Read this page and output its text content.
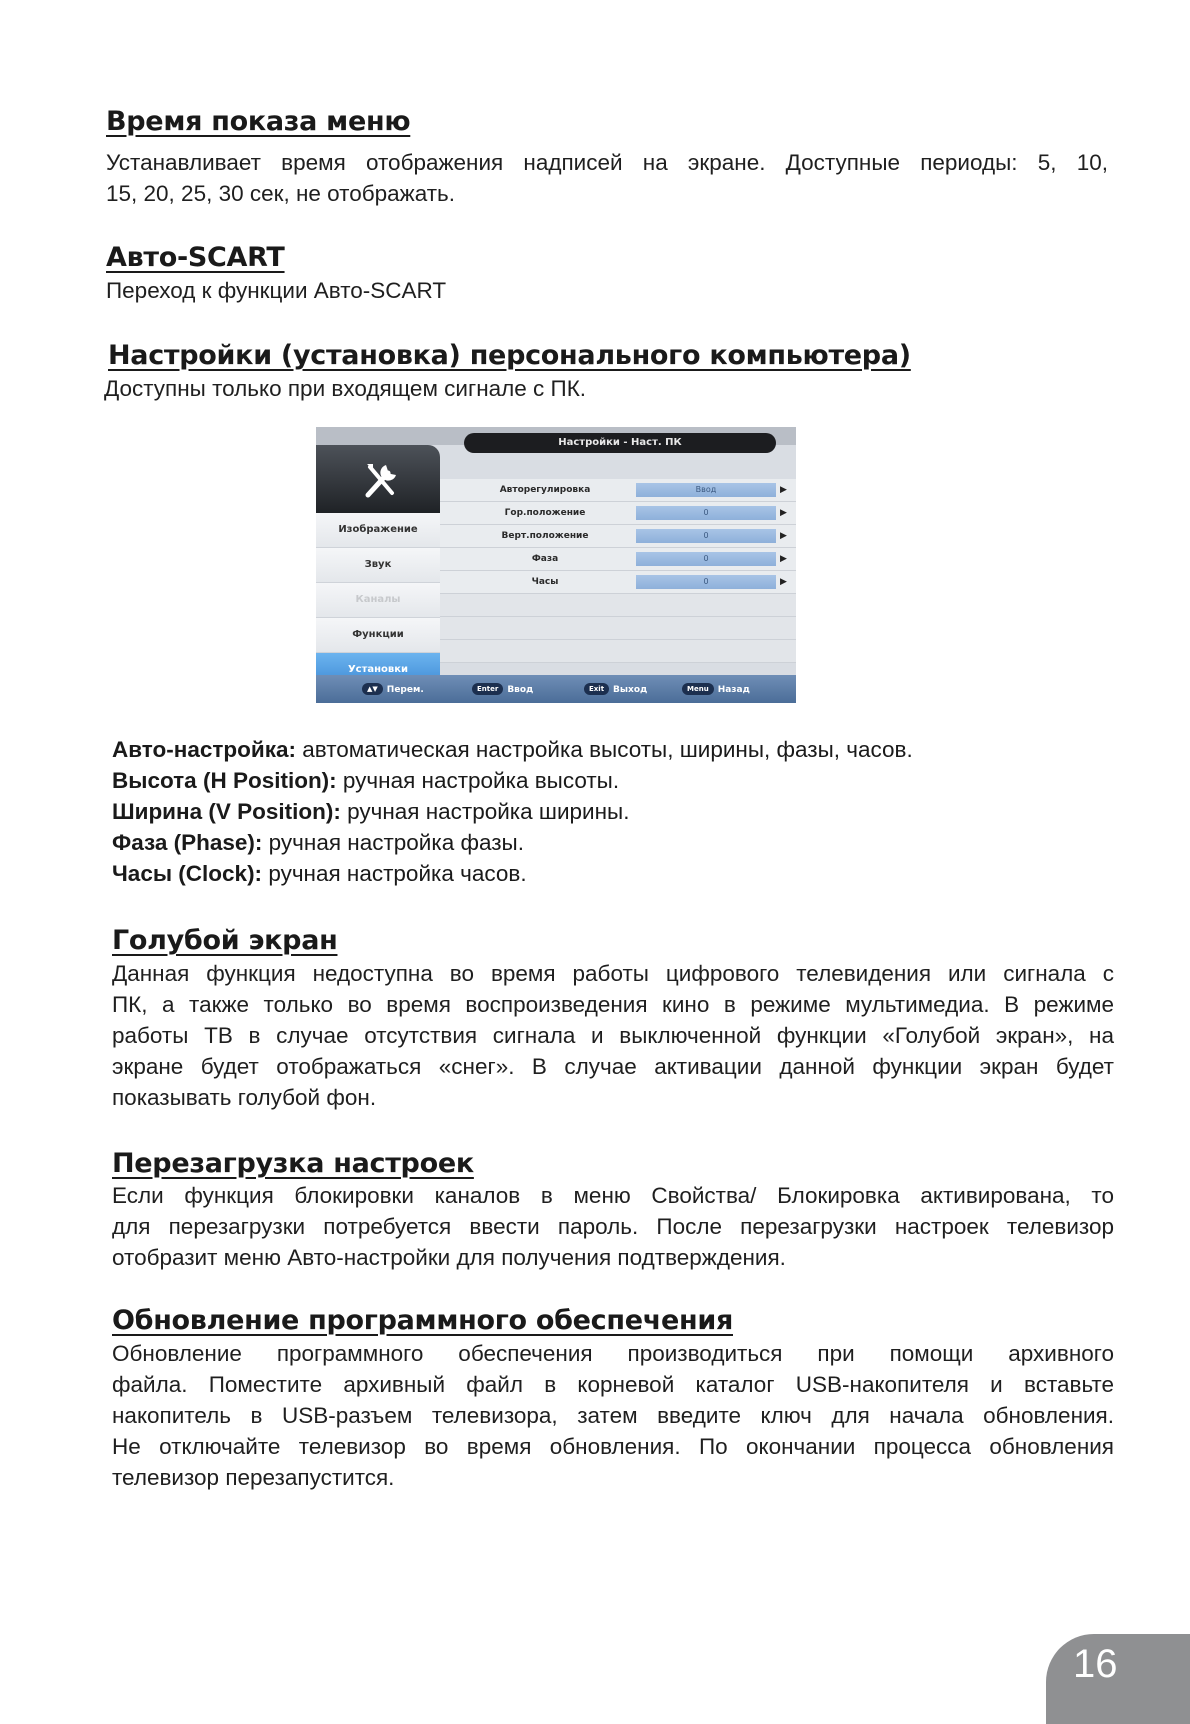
Время показа меню

Устанавливает время отображения надписей на экране. Доступные периоды: 5, 10,

15, 20, 25, 30 сек, не отображать.

Авто-SCART

Переход к функции Авто-SCART

Настройки (установка) персонального компьютера)

Доступны только при входящем сигнале с ПК.

Настройки - Наст. ПК
Изображение
Звук
Каналы
Функции
Установки
Авторегулировка	Ввод	▶
Гор.положение	0	▶
Верт.положение	0	▶
Фаза	0	▶
Часы	0	▶
▲▼ Перем.	Enter Ввод	Exit Выход	Menu Назад

Авто-настройка: автоматическая настройка высоты, ширины, фазы, часов.

Высота (H Position): ручная настройка высоты.

Ширина (V Position): ручная настройка ширины.

Фаза (Phase): ручная настройка фазы.

Часы (Clock): ручная настройка часов.

Голубой экран

Данная функция недоступна во время работы цифрового телевидения или сигнала с

ПК, а также только во время воспроизведения кино в режиме мультимедиа. В режиме

работы ТВ в случае отсутствия сигнала и выключенной функции «Голубой экран», на

экране будет отображаться «снег». В случае активации данной функции экран будет

показывать голубой фон.

Перезагрузка настроек

Если функция блокировки каналов в меню Свойства/ Блокировка активирована, то

для перезагрузки потребуется ввести пароль. После перезагрузки настроек телевизор

отобразит меню Авто-настройки для получения подтверждения.

Обновление программного обеспечения

Обновление программного обеспечения производиться при помощи архивного

файла. Поместите архивный файл в корневой каталог USB-накопителя и вставьте

накопитель в USB-разъем телевизора, затем введите ключ для начала обновления.

Не отключайте телевизор во время обновления. По окончании процесса обновления

телевизор перезапустится.

16
